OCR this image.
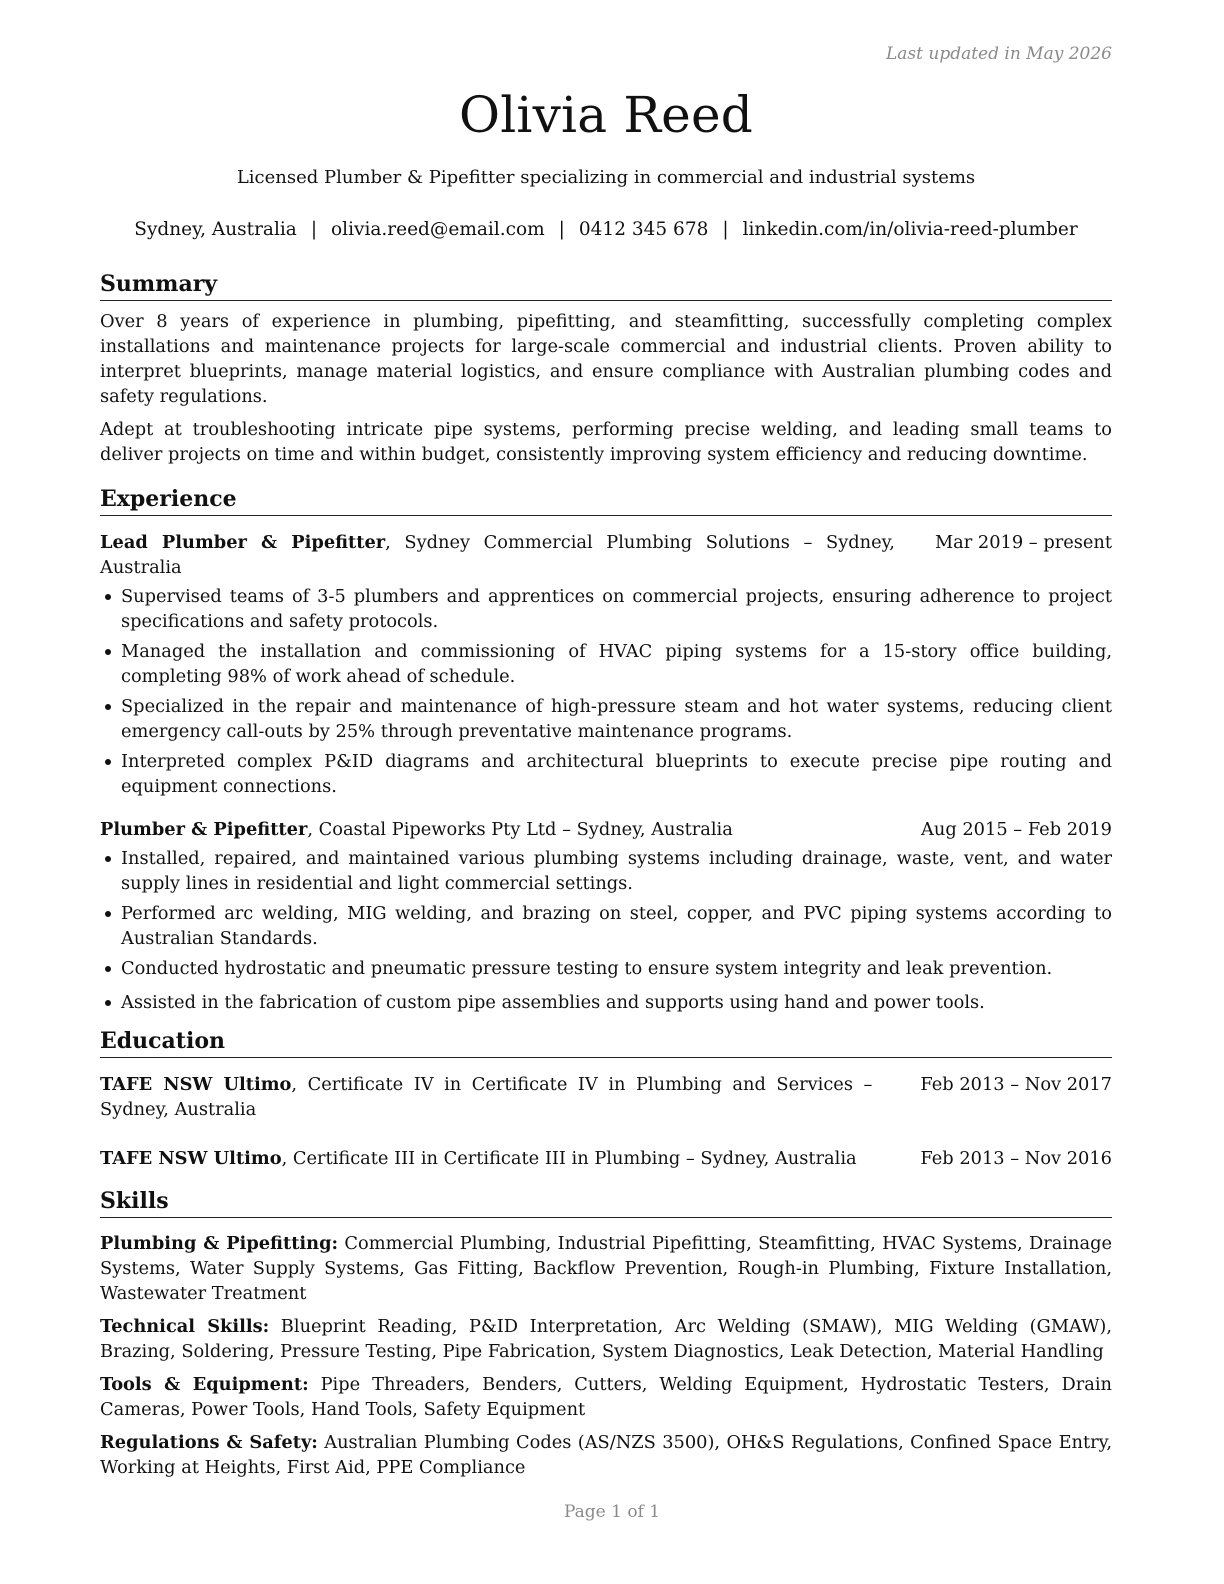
Last updated in May 2026
Olivia Reed
Licensed Plumber & Pipefitter specializing in commercial and industrial systems
Sydney, Australia | olivia.reed@email.com | 0412 345 678 | linkedin.com/in/olivia-reed-plumber
Summary

Over 8 years of experience in plumbing, pipefitting, and steamfitting, successfully completing complex installations and maintenance projects for large-scale commercial and industrial clients. Proven ability to interpret blueprints, manage material logistics, and ensure compliance with Australian plumbing codes and safety regulations.

Adept at troubleshooting intricate pipe systems, performing precise welding, and leading small teams to deliver projects on time and within budget, consistently improving system efficiency and reducing downtime.

Experience
Lead Plumber & Pipefitter, Sydney Commercial Plumbing Solutions – Sydney, Australia
Mar 2019 – present
Supervised teams of 3-5 plumbers and apprentices on commercial projects, ensuring adherence to project specifications and safety protocols.
Managed the installation and commissioning of HVAC piping systems for a 15-story office building, completing 98% of work ahead of schedule.
Specialized in the repair and maintenance of high-pressure steam and hot water systems, reducing client emergency call-outs by 25% through preventative maintenance programs.
Interpreted complex P&ID diagrams and architectural blueprints to execute precise pipe routing and equipment connections.
Plumber & Pipefitter, Coastal Pipeworks Pty Ltd – Sydney, Australia	Aug 2015 – Feb 2019
Installed, repaired, and maintained various plumbing systems including drainage, waste, vent, and water supply lines in residential and light commercial settings.
Performed arc welding, MIG welding, and brazing on steel, copper, and PVC piping systems according to Australian Standards.
Conducted hydrostatic and pneumatic pressure testing to ensure system integrity and leak prevention.
Assisted in the fabrication of custom pipe assemblies and supports using hand and power tools.
Education
TAFE NSW Ultimo, Certificate IV in Certificate IV in Plumbing and Services – Sydney, Australia
Feb 2013 – Nov 2017
TAFE NSW Ultimo, Certificate III in Certificate III in Plumbing – Sydney, Australia	Feb 2013 – Nov 2016
Skills

Plumbing & Pipefitting: Commercial Plumbing, Industrial Pipefitting, Steamfitting, HVAC Systems, Drainage Systems, Water Supply Systems, Gas Fitting, Backflow Prevention, Rough-in Plumbing, Fixture Installation, Wastewater Treatment

Technical Skills: Blueprint Reading, P&ID Interpretation, Arc Welding (SMAW), MIG Welding (GMAW), Brazing, Soldering, Pressure Testing, Pipe Fabrication, System Diagnostics, Leak Detection, Material Handling

Tools & Equipment: Pipe Threaders, Benders, Cutters, Welding Equipment, Hydrostatic Testers, Drain Cameras, Power Tools, Hand Tools, Safety Equipment

Regulations & Safety: Australian Plumbing Codes (AS/NZS 3500), OH&S Regulations, Confined Space Entry, Working at Heights, First Aid, PPE Compliance

Page 1 of 1
